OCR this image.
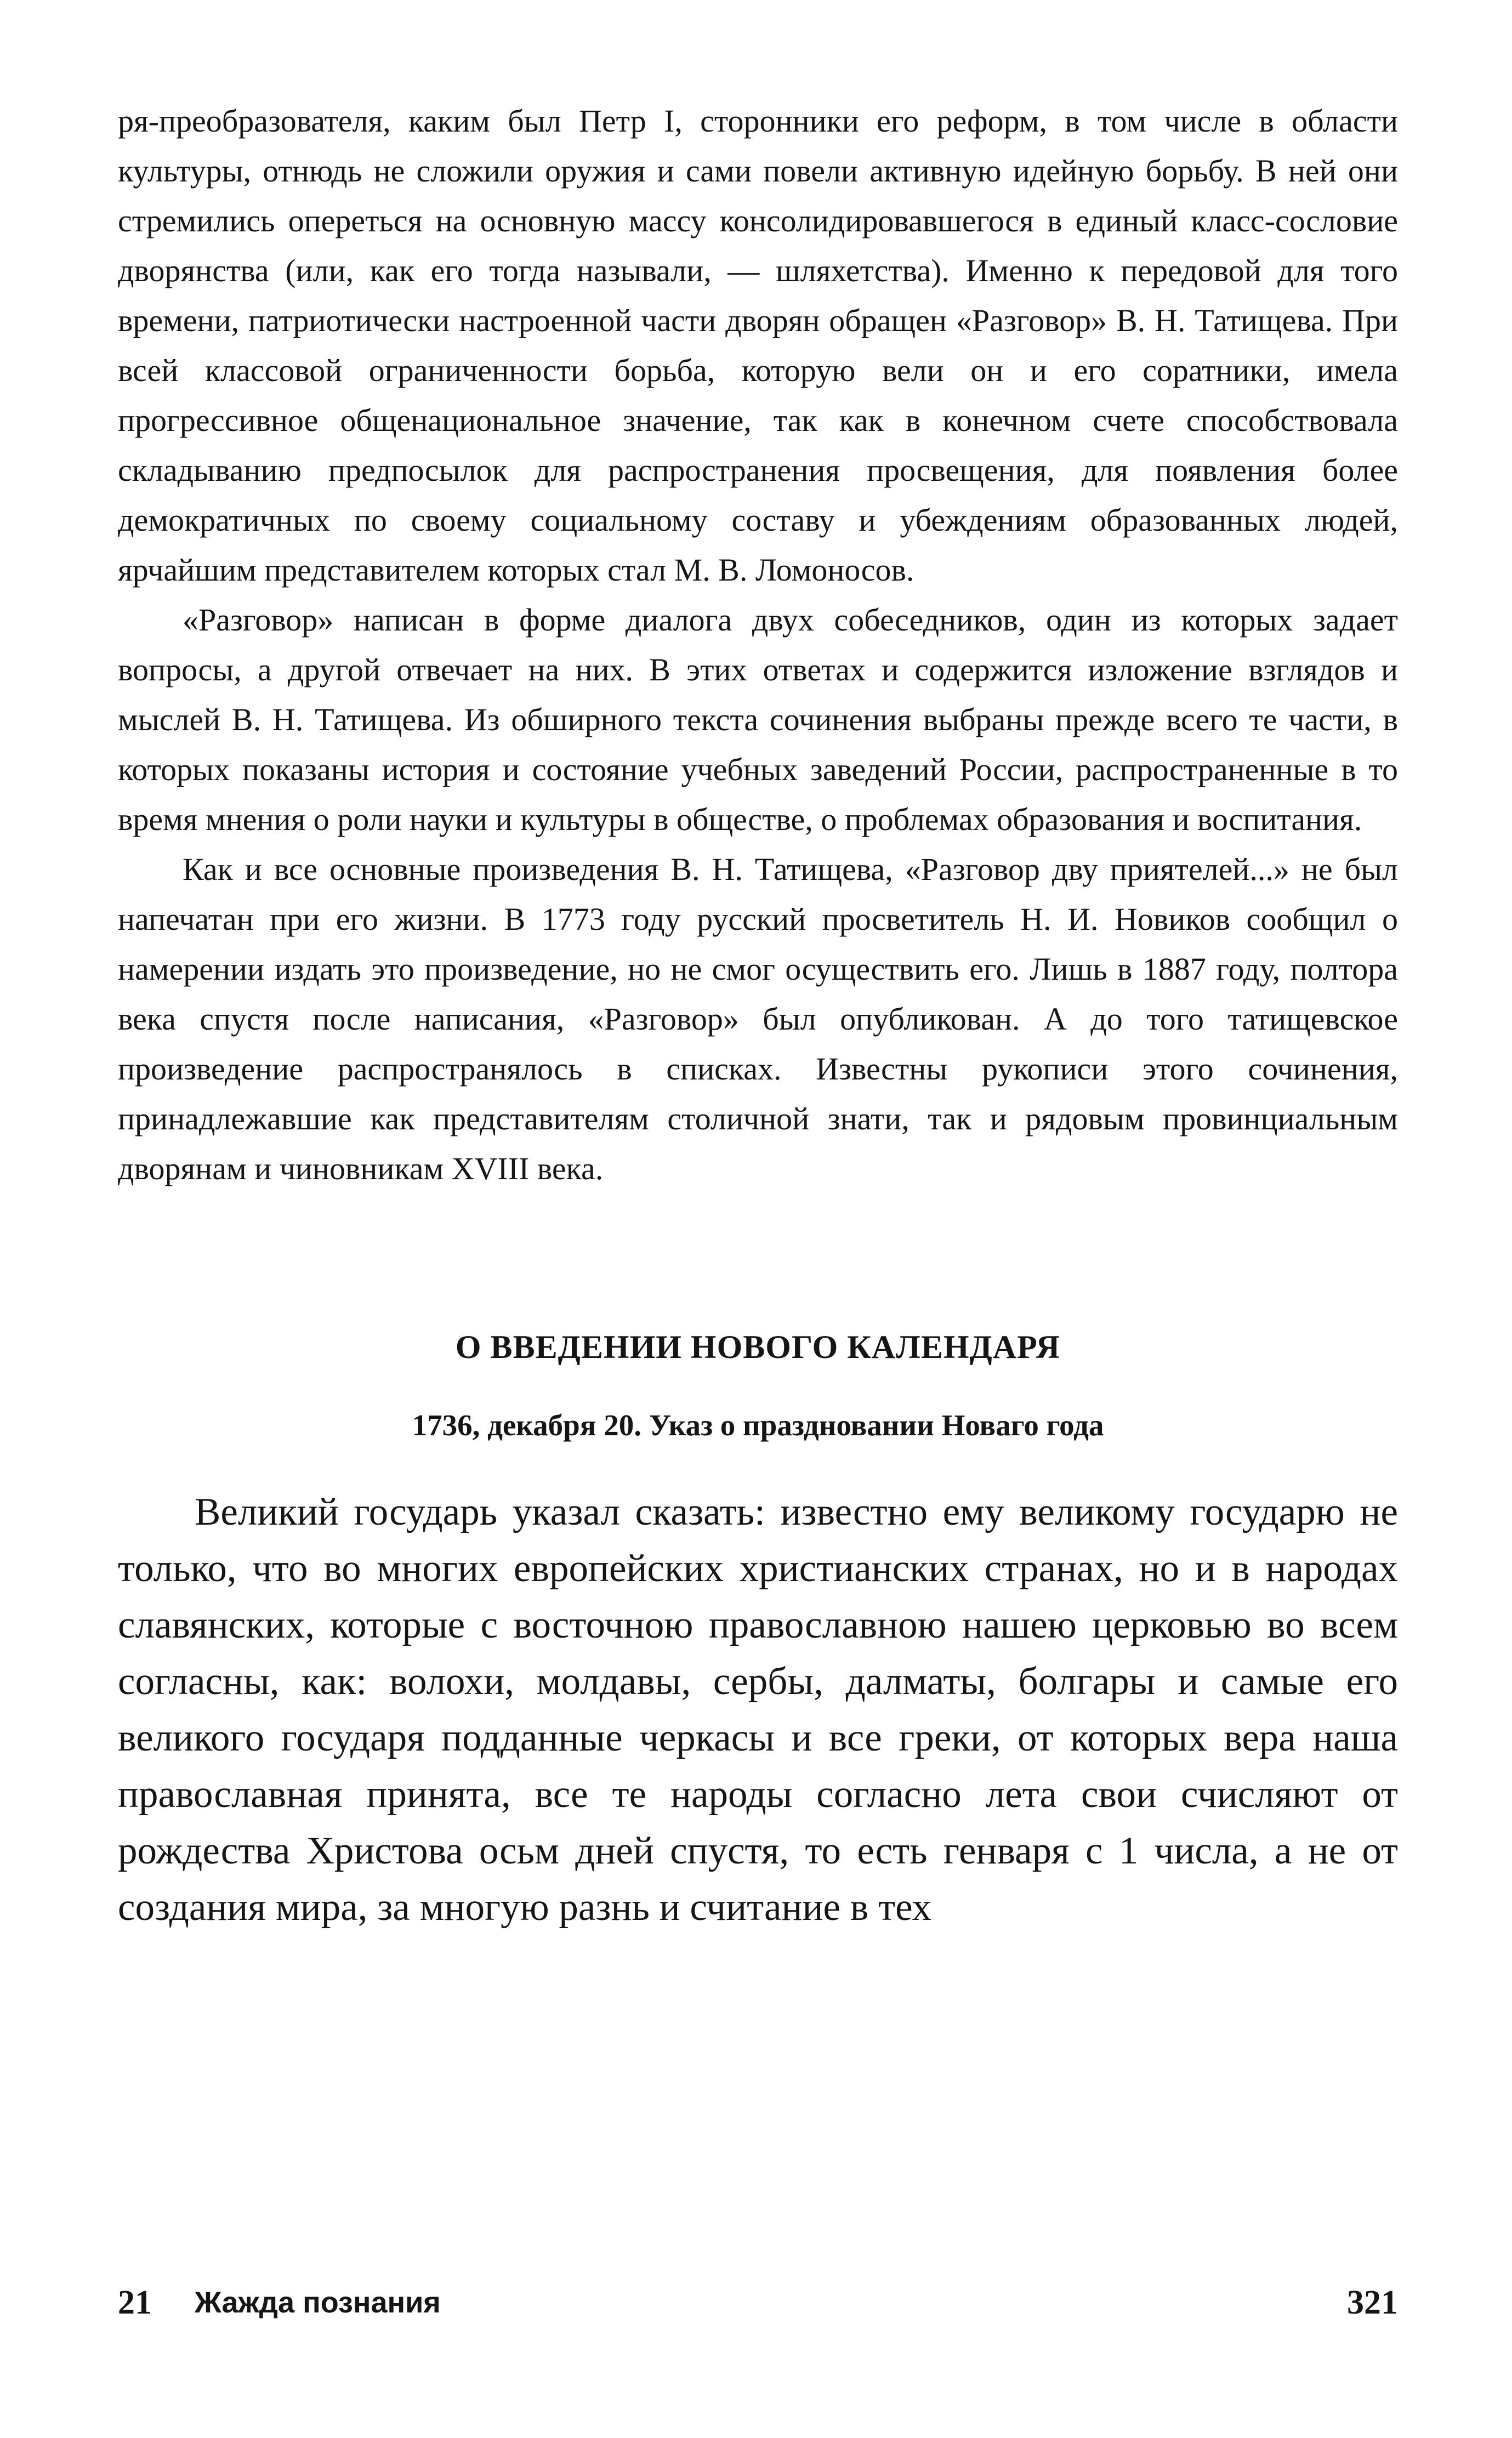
ря-преобразователя, каким был Петр I, сторонники его реформ, в том числе в области культуры, отнюдь не сложили оружия и сами повели активную идейную борьбу. В ней они стремились опереться на основную массу консолидировавшегося в единый класс-сословие дворянства (или, как его тогда называли, — шляхетства). Именно к передовой для того времени, патриотически настроенной части дворян обращен «Разговор» В. Н. Татищева. При всей классовой ограниченности борьба, которую вели он и его соратники, имела прогрессивное общенациональное значение, так как в конечном счете способствовала складыванию предпосылок для распространения просвещения, для появления более демократичных по своему социальному составу и убеждениям образованных людей, ярчайшим представителем которых стал М. В. Ломоносов.

«Разговор» написан в форме диалога двух собеседников, один из которых задает вопросы, а другой отвечает на них. В этих ответах и содержится изложение взглядов и мыслей В. Н. Татищева. Из обширного текста сочинения выбраны прежде всего те части, в которых показаны история и состояние учебных заведений России, распространенные в то время мнения о роли науки и культуры в обществе, о проблемах образования и воспитания.

Как и все основные произведения В. Н. Татищева, «Разговор дву приятелей...» не был напечатан при его жизни. В 1773 году русский просветитель Н. И. Новиков сообщил о намерении издать это произведение, но не смог осуществить его. Лишь в 1887 году, полтора века спустя после написания, «Разговор» был опубликован. А до того татищевское произведение распространялось в списках. Известны рукописи этого сочинения, принадлежавшие как представителям столичной знати, так и рядовым провинциальным дворянам и чиновникам XVIII века.

О ВВЕДЕНИИ НОВОГО КАЛЕНДАРЯ
1736, декабря 20. Указ о праздновании Новаго года

Великий государь указал сказать: известно ему великому государю не только, что во многих европейских христианских странах, но и в народах славянских, которые с восточною православною нашею церковью во всем согласны, как: волохи, молдавы, сербы, далматы, болгары и самые его великого государя подданные черкасы и все греки, от которых вера наша православная принята, все те народы согласно лета свои счисляют от рождества Христова осьм дней спустя, то есть генваря с 1 числа, а не от создания мира, за многую разнь и считание в тех

21 Жажда познания	321
